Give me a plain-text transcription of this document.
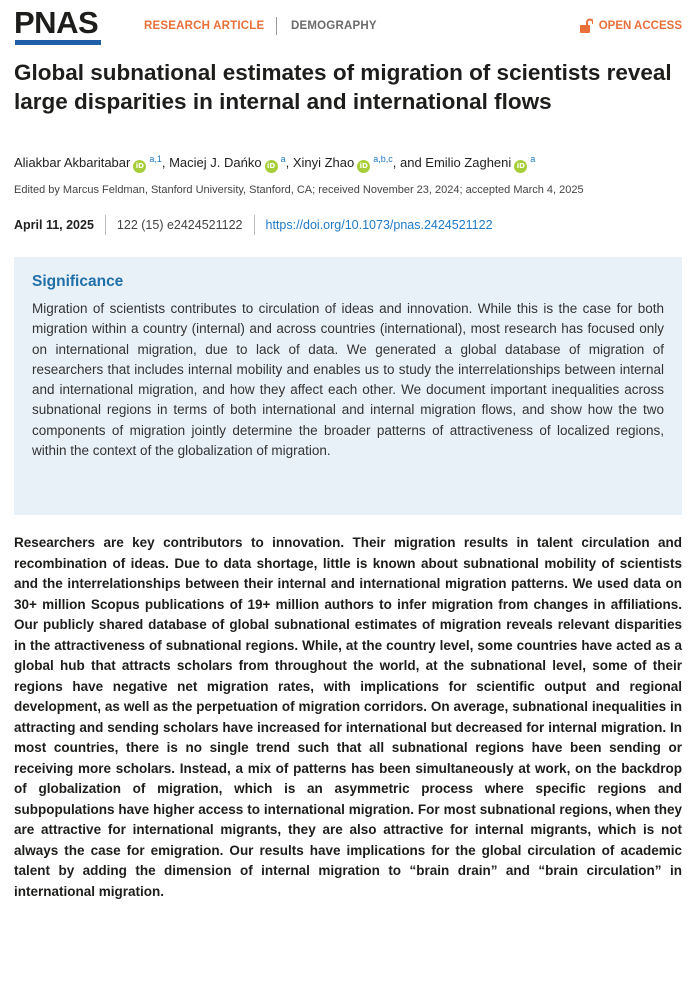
PNAS	RESEARCH ARTICLE DEMOGRAPHY	OPEN ACCESS
Global subnational estimates of migration of scientists reveal large disparities in internal and international flows
Aliakbar Akbaritabar iD$^{a,1}$, Maciej J. Dańko iD$^a$, Xinyi Zhao iD$^{a,b,c}$, and Emilio Zagheni iD$^a$
Edited by Marcus Feldman, Stanford University, Stanford, CA; received November 23, 2024; accepted March 4, 2025
April 11, 2025 122 (15) e2424521122 https://doi.org/10.1073/pnas.2424521122
Significance

Migration of scientists contributes to circulation of ideas and innovation. While this is the case for both migration within a country (internal) and across countries (international), most research has focused only on international migration, due to lack of data. We generated a global database of migration of researchers that includes internal mobility and enables us to study the interrelationships between internal and international migration, and how they affect each other. We document important inequalities across subnational regions in terms of both international and internal migration flows, and show how the two components of migration jointly determine the broader patterns of attractiveness of localized regions, within the context of the globalization of migration.

Researchers are key contributors to innovation. Their migration results in talent circulation and recombination of ideas. Due to data shortage, little is known about subnational mobility of scientists and the interrelationships between their internal and international migration patterns. We used data on 30+ million Scopus publications of 19+ million authors to infer migration from changes in affiliations. Our publicly shared database of global subnational estimates of migration reveals relevant disparities in the attractiveness of subnational regions. While, at the country level, some countries have acted as a global hub that attracts scholars from throughout the world, at the subnational level, some of their regions have negative net migration rates, with implications for scientific output and regional development, as well as the perpetuation of migration corridors. On average, subnational inequalities in attracting and sending scholars have increased for international but decreased for internal migration. In most countries, there is no single trend such that all subnational regions have been sending or receiving more scholars. Instead, a mix of patterns has been simultaneously at work, on the backdrop of globalization of migration, which is an asymmetric process where specific regions and subpopulations have higher access to international migration. For most subnational regions, when they are attractive for international migrants, they are also attractive for internal migrants, which is not always the case for emigration. Our results have implications for the global circulation of academic talent by adding the dimension of internal migration to “brain drain” and “brain circulation” in international migration.
